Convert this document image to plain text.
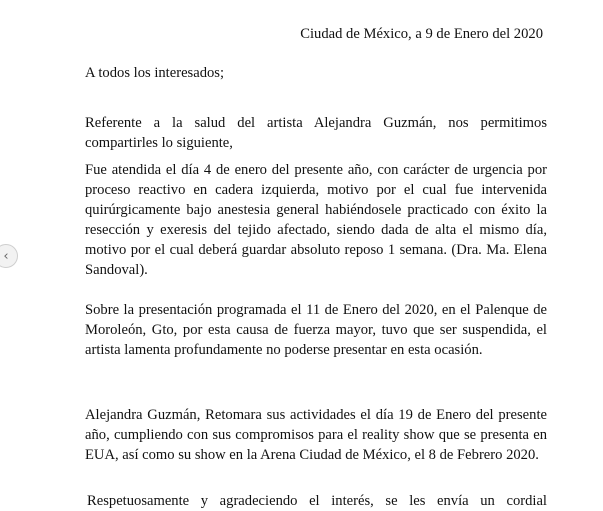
Ciudad de México, a 9 de Enero del 2020

A todos los interesados;

Referente a la salud del artista Alejandra Guzmán, nos permitimos compartirles lo siguiente,

Fue atendida el día 4 de enero del presente año, con carácter de urgencia por proceso reactivo en cadera izquierda, motivo por el cual fue intervenida quirúrgicamente bajo anestesia general habiéndosele practicado con éxito la resección y exeresis del tejido afectado, siendo dada de alta el mismo día, motivo por el cual deberá guardar absoluto reposo 1 semana. (Dra. Ma. Elena Sandoval).

Sobre la presentación programada el 11 de Enero del 2020, en el Palenque de Moroleón, Gto, por esta causa de fuerza mayor, tuvo que ser suspendida, el artista lamenta profundamente no poderse presentar en esta ocasión.

Alejandra Guzmán, Retomara sus actividades el día 19 de Enero del presente año, cumpliendo con sus compromisos para el reality show que se presenta en EUA, así como su show en la Arena Ciudad de México, el 8 de Febrero 2020.

Respetuosamente y agradeciendo el interés, se les envía un cordial

‹
